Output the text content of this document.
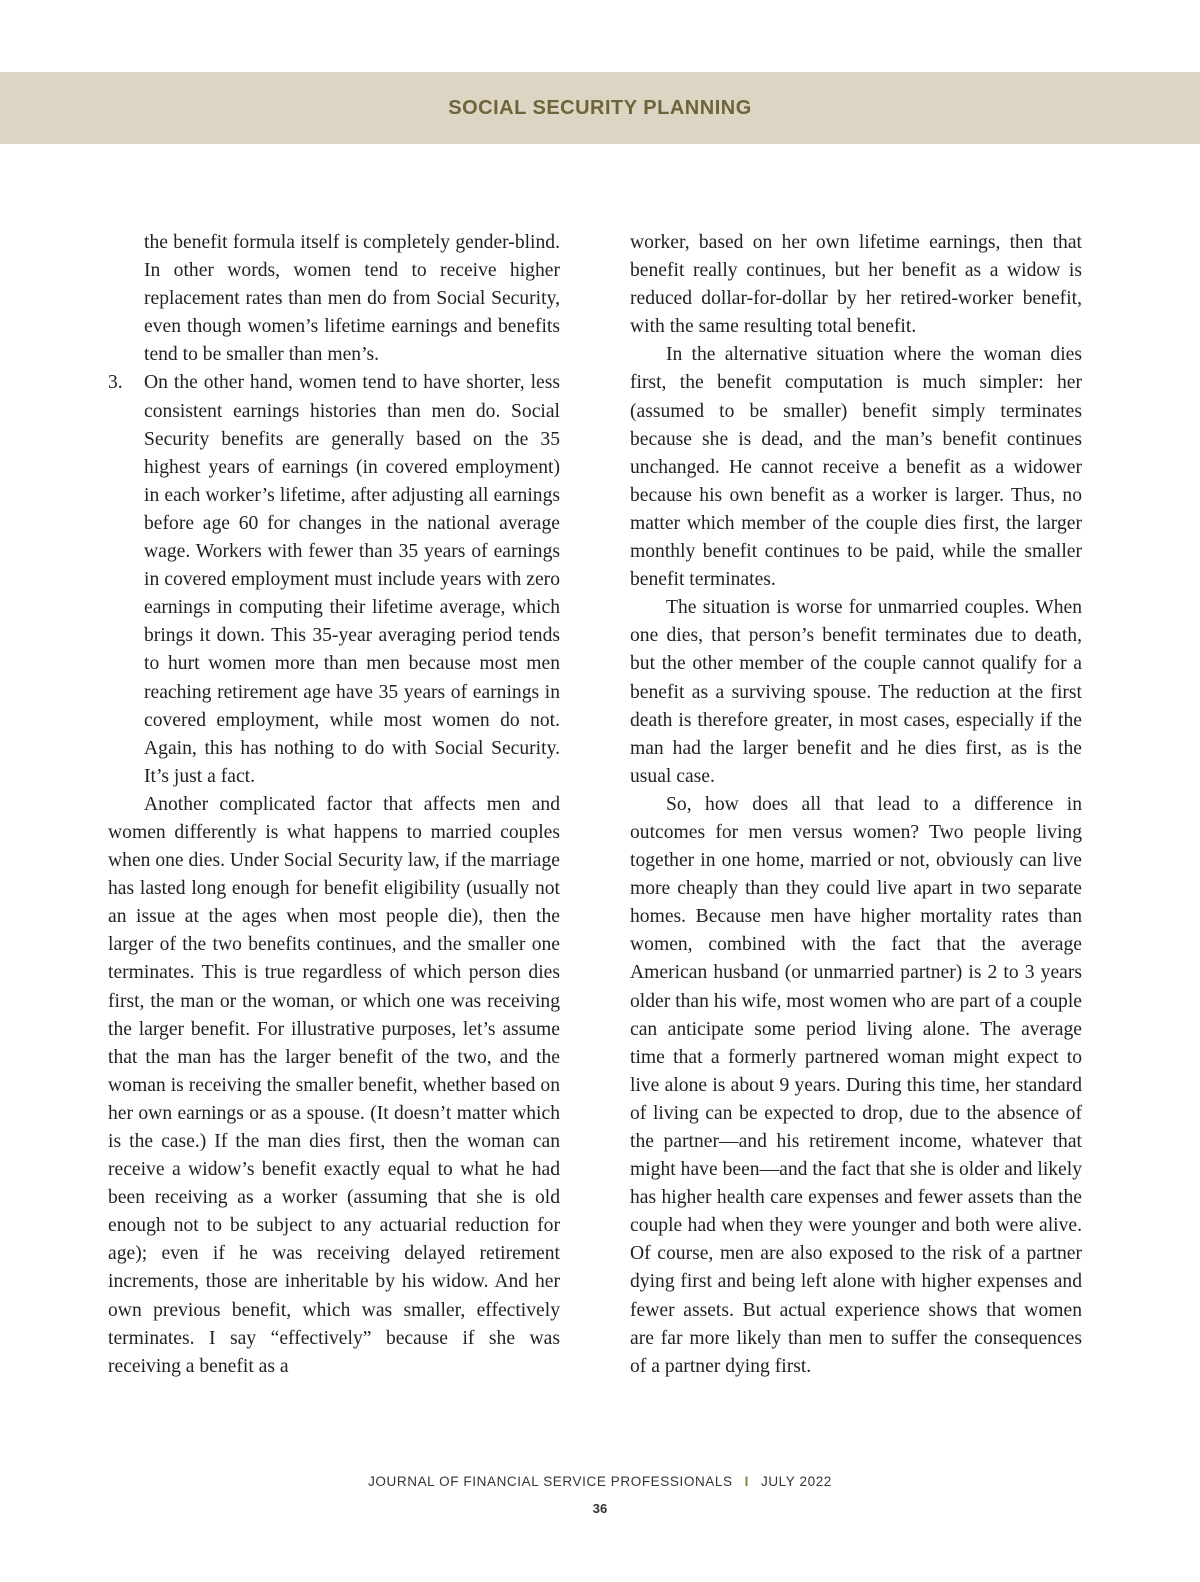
SOCIAL SECURITY PLANNING

the benefit formula itself is completely gender-blind. In other words, women tend to receive higher replacement rates than men do from Social Security, even though women’s lifetime earnings and benefits tend to be smaller than men’s.

3. On the other hand, women tend to have shorter, less consistent earnings histories than men do. Social Security benefits are generally based on the 35 highest years of earnings (in covered employment) in each worker’s lifetime, after adjusting all earnings before age 60 for changes in the national average wage. Workers with fewer than 35 years of earnings in covered employment must include years with zero earnings in computing their lifetime average, which brings it down. This 35-year averaging period tends to hurt women more than men because most men reaching retirement age have 35 years of earnings in covered employment, while most women do not. Again, this has nothing to do with Social Security. It’s just a fact.

Another complicated factor that affects men and women differently is what happens to married couples when one dies. Under Social Security law, if the marriage has lasted long enough for benefit eligibility (usually not an issue at the ages when most people die), then the larger of the two benefits continues, and the smaller one terminates. This is true regardless of which person dies first, the man or the woman, or which one was receiving the larger benefit. For illustrative purposes, let’s assume that the man has the larger benefit of the two, and the woman is receiving the smaller benefit, whether based on her own earnings or as a spouse. (It doesn’t matter which is the case.) If the man dies first, then the woman can receive a widow’s benefit exactly equal to what he had been receiving as a worker (assuming that she is old enough not to be subject to any actuarial reduction for age); even if he was receiving delayed retirement increments, those are inheritable by his widow. And her own previous benefit, which was smaller, effectively terminates. I say “effectively” because if she was receiving a benefit as a

worker, based on her own lifetime earnings, then that benefit really continues, but her benefit as a widow is reduced dollar-for-dollar by her retired-worker benefit, with the same resulting total benefit.

In the alternative situation where the woman dies first, the benefit computation is much simpler: her (assumed to be smaller) benefit simply terminates because she is dead, and the man’s benefit continues unchanged. He cannot receive a benefit as a widower because his own benefit as a worker is larger. Thus, no matter which member of the couple dies first, the larger monthly benefit continues to be paid, while the smaller benefit terminates.

The situation is worse for unmarried couples. When one dies, that person’s benefit terminates due to death, but the other member of the couple cannot qualify for a benefit as a surviving spouse. The reduction at the first death is therefore greater, in most cases, especially if the man had the larger benefit and he dies first, as is the usual case.

So, how does all that lead to a difference in outcomes for men versus women? Two people living together in one home, married or not, obviously can live more cheaply than they could live apart in two separate homes. Because men have higher mortality rates than women, combined with the fact that the average American husband (or unmarried partner) is 2 to 3 years older than his wife, most women who are part of a couple can anticipate some period living alone. The average time that a formerly partnered woman might expect to live alone is about 9 years. During this time, her standard of living can be expected to drop, due to the absence of the partner—and his retirement income, whatever that might have been—and the fact that she is older and likely has higher health care expenses and fewer assets than the couple had when they were younger and both were alive. Of course, men are also exposed to the risk of a partner dying first and being left alone with higher expenses and fewer assets. But actual experience shows that women are far more likely than men to suffer the consequences of a partner dying first.

JOURNAL OF FINANCIAL SERVICE PROFESSIONALS I JULY 2022
36
